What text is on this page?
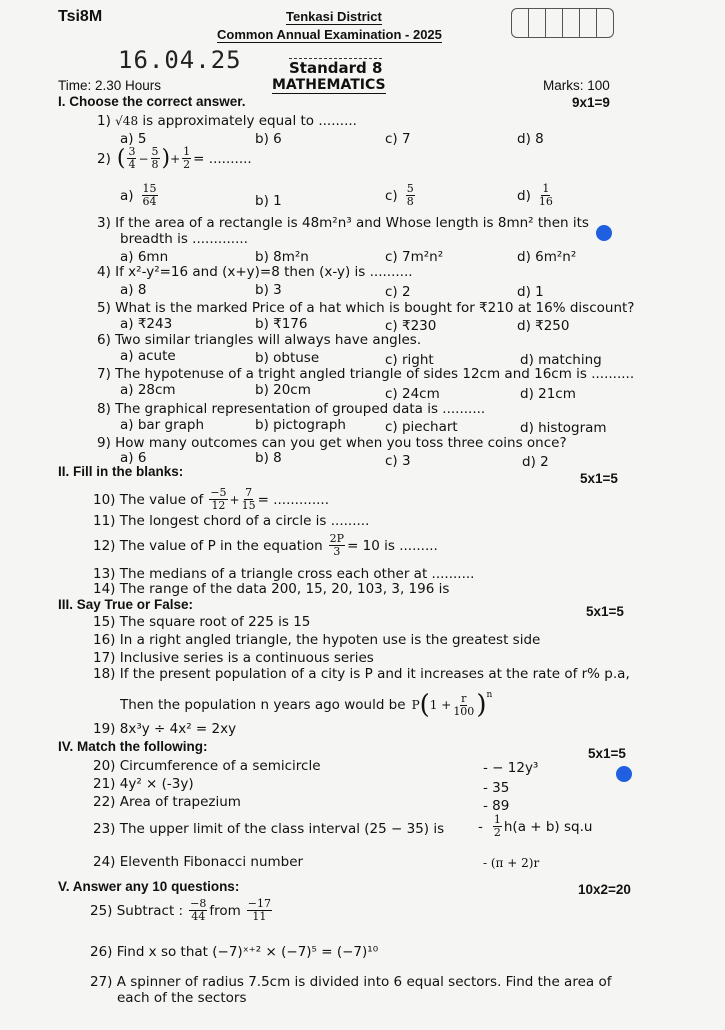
Tsi8M	Tenkasi District
Common Annual Examination - 2025
16.04.25	Standard 8
Time: 2.30 Hours	MATHEMATICS	Marks: 100
I. Choose the correct answer.	9x1=9
1) √48 is approximately equal to .........
a) 5	b) 6	c) 7	d) 8
2) ( $\frac{3}{4} - \frac{5}{8}$ ) + $\frac{1}{2}$ = ..........
$a) \frac{15}{64}$	b) 1	$c) \frac{5}{8}$	$d) \frac{1}{16}$
3) If the area of a rectangle is 48m²n³ and Whose length is 8mn² then its
breadth is .............
a) 6mn	b) 8m²n	c) 7m²n²	d) 6m²n²
4) If x²-y²=16 and (x+y)=8 then (x-y) is ..........
a) 8	b) 3	c) 2	d) 1
5) What is the marked Price of a hat which is bought for ₹210 at 16% discount?
a) ₹243	b) ₹176	c) ₹230	d) ₹250
6) Two similar triangles will always have angles.
a) acute	b) obtuse	c) right	d) matching
7) The hypotenuse of a tright angled triangle of sides 12cm and 16cm is ..........
a) 28cm	b) 20cm	c) 24cm	d) 21cm
8) The graphical representation of grouped data is ..........
a) bar graph	b) pictograph	c) piechart	d) histogram
9) How many outcomes can you get when you toss three coins once?
a) 6	b) 8	c) 3	d) 2
II. Fill in the blanks:	5x1=5
10) The value of $\frac{-5}{12} + \frac{7}{15}$ = .............
11) The longest chord of a circle is .........
12) The value of P in the equation $\frac{2P}{3} = 10$ is .........
13) The medians of a triangle cross each other at ..........
14) The range of the data 200, 15, 20, 103, 3, 196 is
III. Say True or False:	5x1=5
15) The square root of 225 is 15
16) In a right angled triangle, the hypoten use is the greatest side
17) Inclusive series is a continuous series
18) If the present population of a city is P and it increases at the rate of r% p.a,
Then the population n years ago would be P ( $1 + \frac{r}{100}$ ) n
19) 8x³y ÷ 4x² = 2xy
IV. Match the following:	5x1=5
20) Circumference of a semicircle	- − 12y³
21) 4y² × (-3y)	- 35
22) Area of trapezium	- 89
23) The upper limit of the class interval (25 − 35) is	- $\frac{1}{2} h(a + b)$ sq.u
24) Eleventh Fibonacci number	- (π + 2)r
V. Answer any 10 questions:	10x2=20
25) Subtract : $\frac{-8}{44}$ from $\frac{-17}{11}$
26) Find x so that (−7)ˣ⁺² × (−7)⁵ = (−7)¹⁰
27) A spinner of radius 7.5cm is divided into 6 equal sectors. Find the area of
each of the sectors
